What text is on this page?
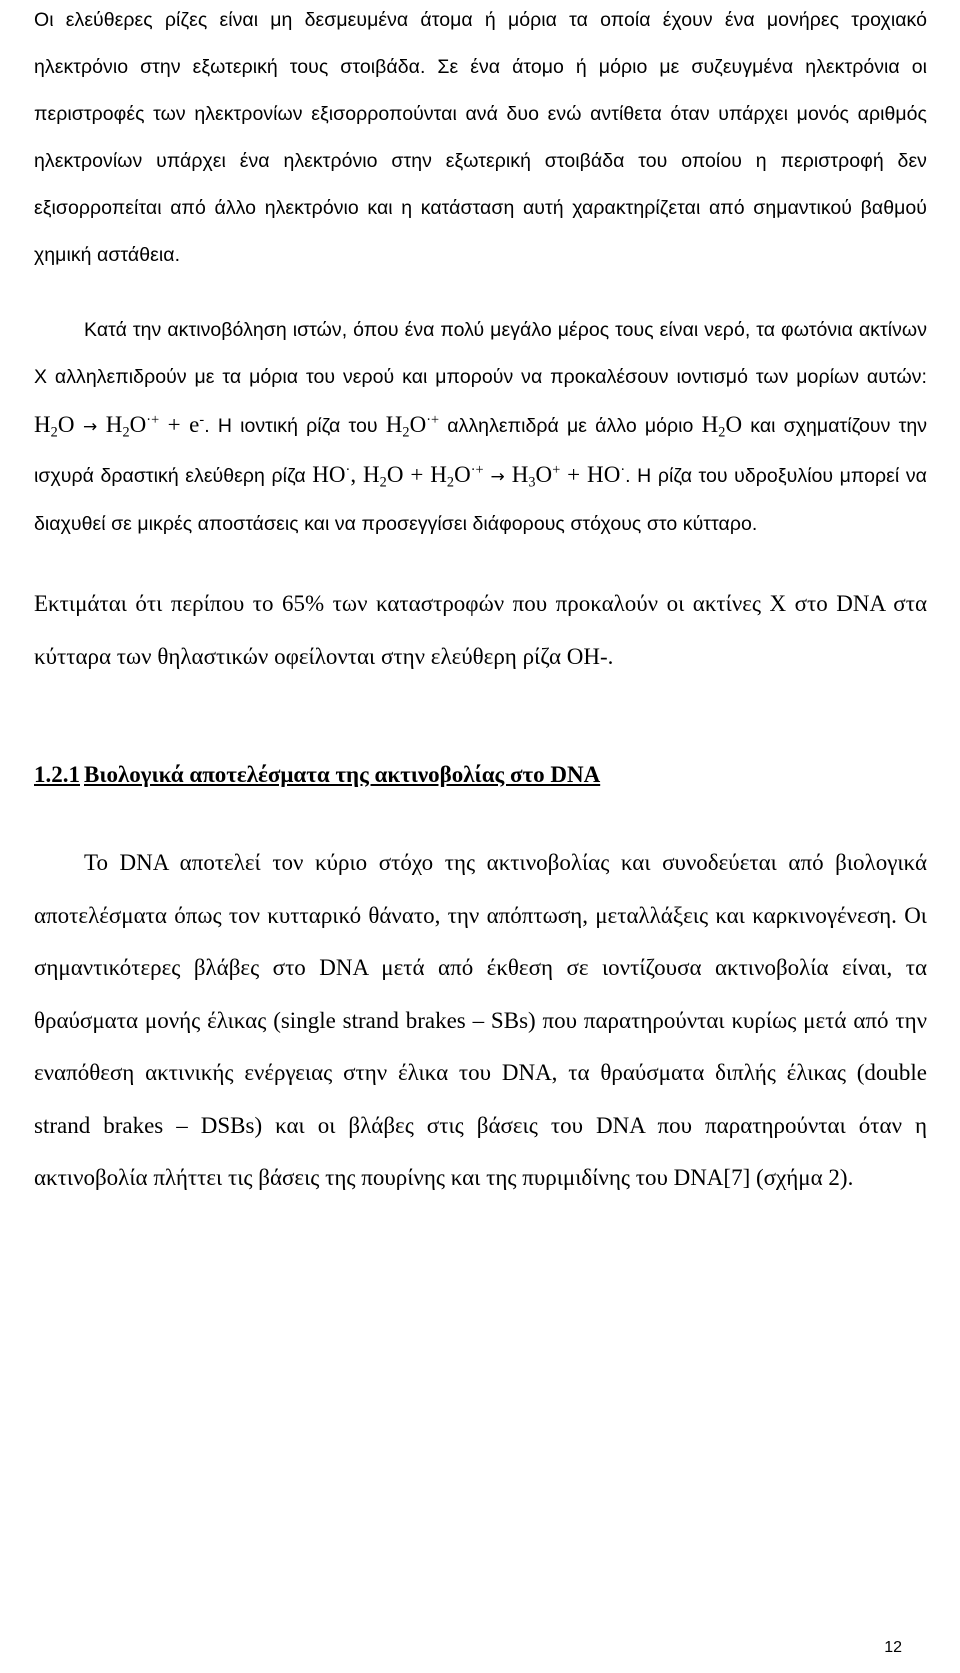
Οι ελεύθερες ρίζες είναι μη δεσμευμένα άτομα ή μόρια τα οποία έχουν ένα μονήρες τροχιακό ηλεκτρόνιο στην εξωτερική τους στοιβάδα. Σε ένα άτομο ή μόριο με συζευγμένα ηλεκτρόνια οι περιστροφές των ηλεκτρονίων εξισορροπούνται ανά δυο ενώ αντίθετα όταν υπάρχει μονός αριθμός ηλεκτρονίων υπάρχει ένα ηλεκτρόνιο στην εξωτερική στοιβάδα του οποίου η περιστροφή δεν εξισορροπείται από άλλο ηλεκτρόνιο και η κατάσταση αυτή χαρακτηρίζεται από σημαντικού βαθμού χημική αστάθεια.

Κατά την ακτινοβόληση ιστών, όπου ένα πολύ μεγάλο μέρος τους είναι νερό, τα φωτόνια ακτίνων Χ αλληλεπιδρούν με τα μόρια του νερού και μπορούν να προκαλέσουν ιοντισμό των μορίων αυτών: $H_2O \to H_2O^{\cdot+} + e^-$. Η ιοντική ρίζα του $H_2O^{\cdot+}$ αλληλεπιδρά με άλλο μόριο $H_2O$ και σχηματίζουν την ισχυρά δραστική ελεύθερη ρίζα HO·, $H_2O + H_2O^{\cdot+} \to H_3O^+ + HO^\cdot$. Η ρίζα του υδροξυλίου μπορεί να διαχυθεί σε μικρές αποστάσεις και να προσεγγίσει διάφορους στόχους στο κύτταρο.

Εκτιμάται ότι περίπου το 65% των καταστροφών που προκαλούν οι ακτίνες Χ στο DNA στα κύτταρα των θηλαστικών οφείλονται στην ελεύθερη ρίζα OH-.

1.2.1 Βιολογικά αποτελέσματα της ακτινοβολίας στο DNA

To DNA αποτελεί τον κύριο στόχο της ακτινοβολίας και συνοδεύεται από βιολογικά αποτελέσματα όπως τον κυτταρικό θάνατο, την απόπτωση, μεταλλάξεις και καρκινογένεση. Οι σημαντικότερες βλάβες στο DNA μετά από έκθεση σε ιοντίζουσα ακτινοβολία είναι, τα θραύσματα μονής έλικας (single strand brakes – SBs) που παρατηρούνται κυρίως μετά από την εναπόθεση ακτινικής ενέργειας στην έλικα του DNA, τα θραύσματα διπλής έλικας (double strand brakes – DSBs) και οι βλάβες στις βάσεις του DNA που παρατηρούνται όταν η ακτινοβολία πλήττει τις βάσεις της πουρίνης και της πυριμιδίνης του DNA[7] (σχήμα 2).

12
